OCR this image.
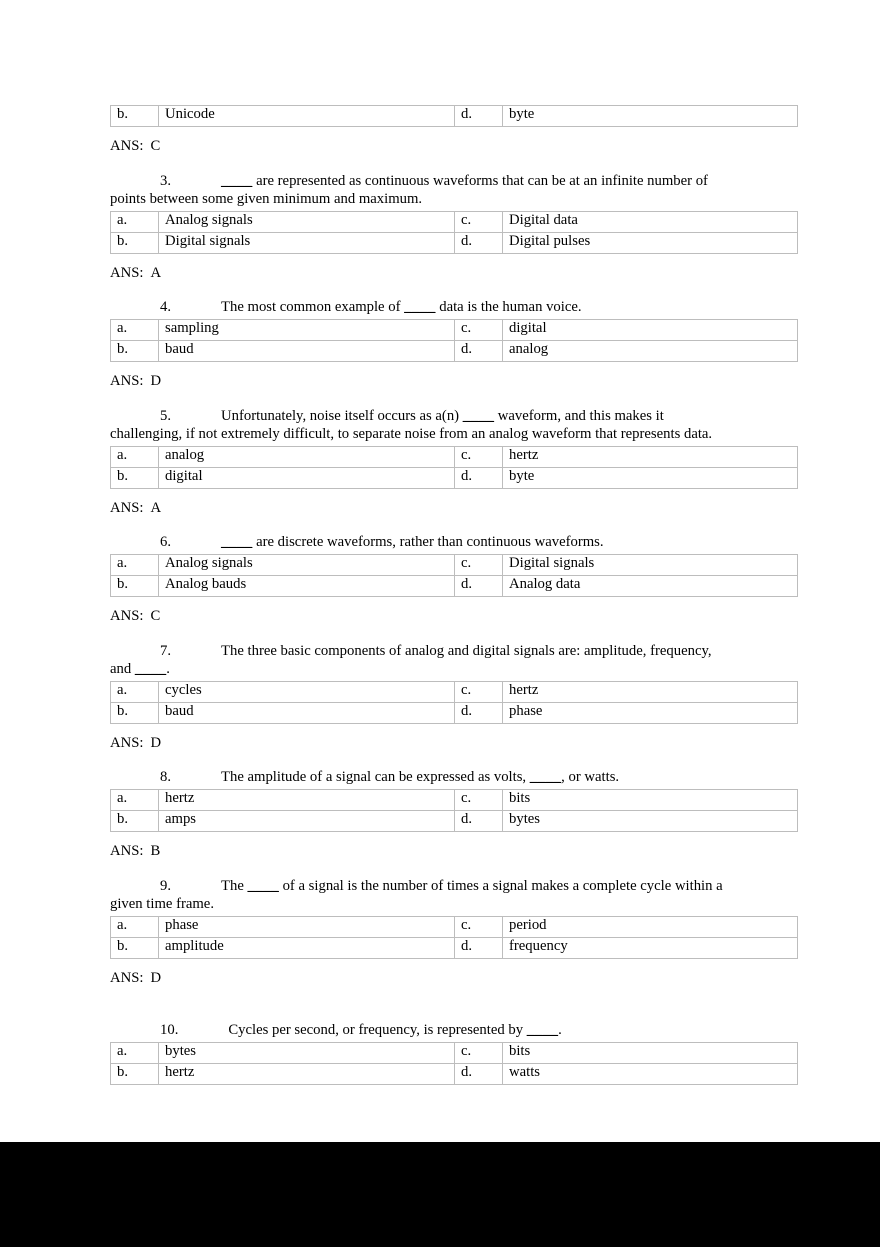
b.	Unicode	d.	byte

ANS: C

3.	____ are represented as continuous waveforms that can be at an infinite number of
points between some given minimum and maximum.

a.	Analog signals	c.	Digital data
b.	Digital signals	d.	Digital pulses

ANS: A

4.	The most common example of ____ data is the human voice.

a.	sampling	c.	digital
b.	baud	d.	analog

ANS: D

5.	Unfortunately, noise itself occurs as a(n) ____ waveform, and this makes it
challenging, if not extremely difficult, to separate noise from an analog waveform that represents data.

a.	analog	c.	hertz
b.	digital	d.	byte

ANS: A

6.	____ are discrete waveforms, rather than continuous waveforms.

a.	Analog signals	c.	Digital signals
b.	Analog bauds	d.	Analog data

ANS: C

7.	The three basic components of analog and digital signals are: amplitude, frequency,
and ____.

a.	cycles	c.	hertz
b.	baud	d.	phase

ANS: D

8.	The amplitude of a signal can be expressed as volts, ____, or watts.

a.	hertz	c.	bits
b.	amps	d.	bytes

ANS: B

9.	The ____ of a signal is the number of times a signal makes a complete cycle within a
given time frame.

a.	phase	c.	period
b.	amplitude	d.	frequency

ANS: D

10.	Cycles per second, or frequency, is represented by ____.

a.	bytes	c.	bits
b.	hertz	d.	watts
